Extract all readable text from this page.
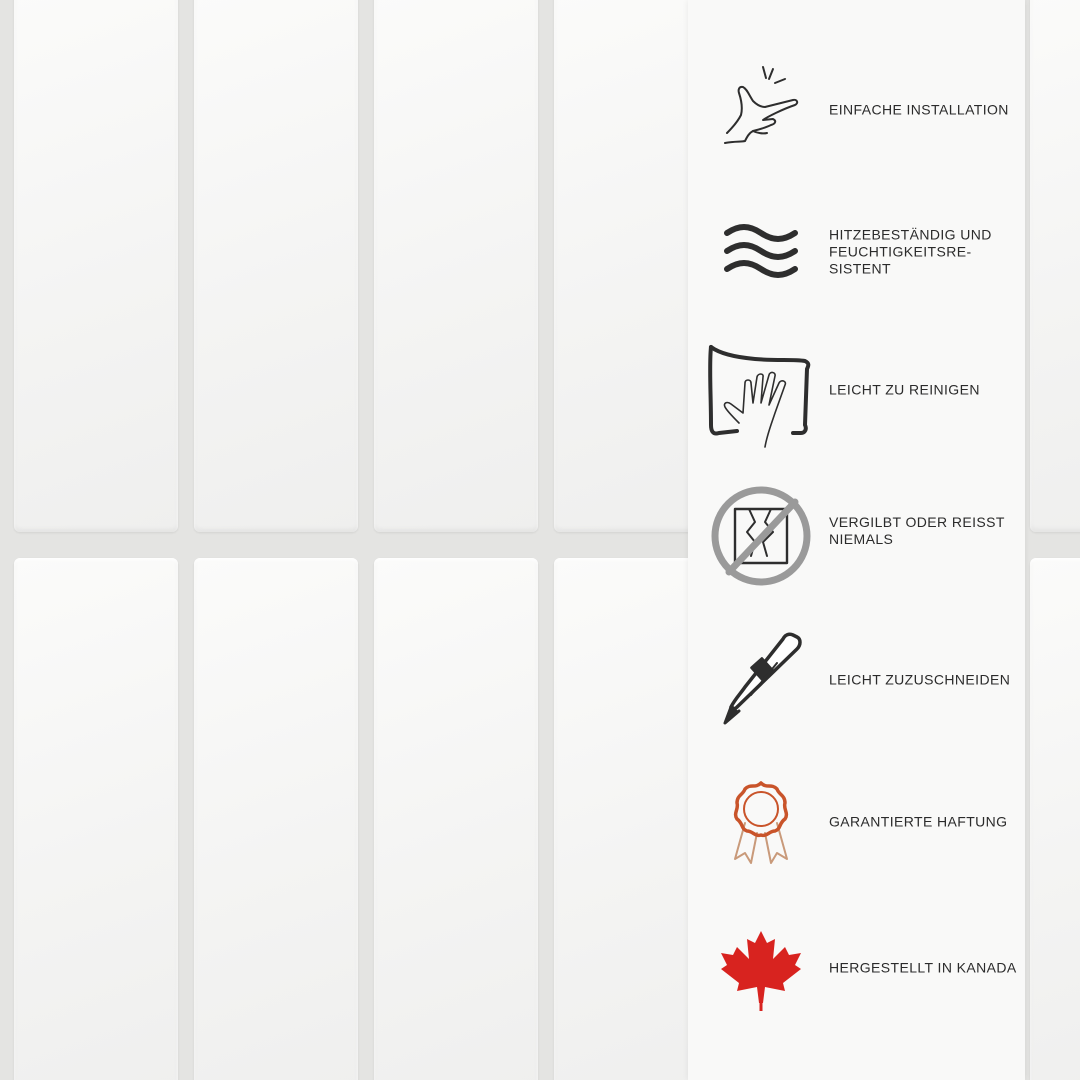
EINFACHE INSTALLATION
HITZEBESTÄNDIG UND FEUCHTIGKEITSRE-SISTENT
LEICHT ZU REINIGEN
VERGILBT ODER REISST NIEMALS
LEICHT ZUZUSCHNEIDEN
GARANTIERTE HAFTUNG
HERGESTELLT IN KANADA
